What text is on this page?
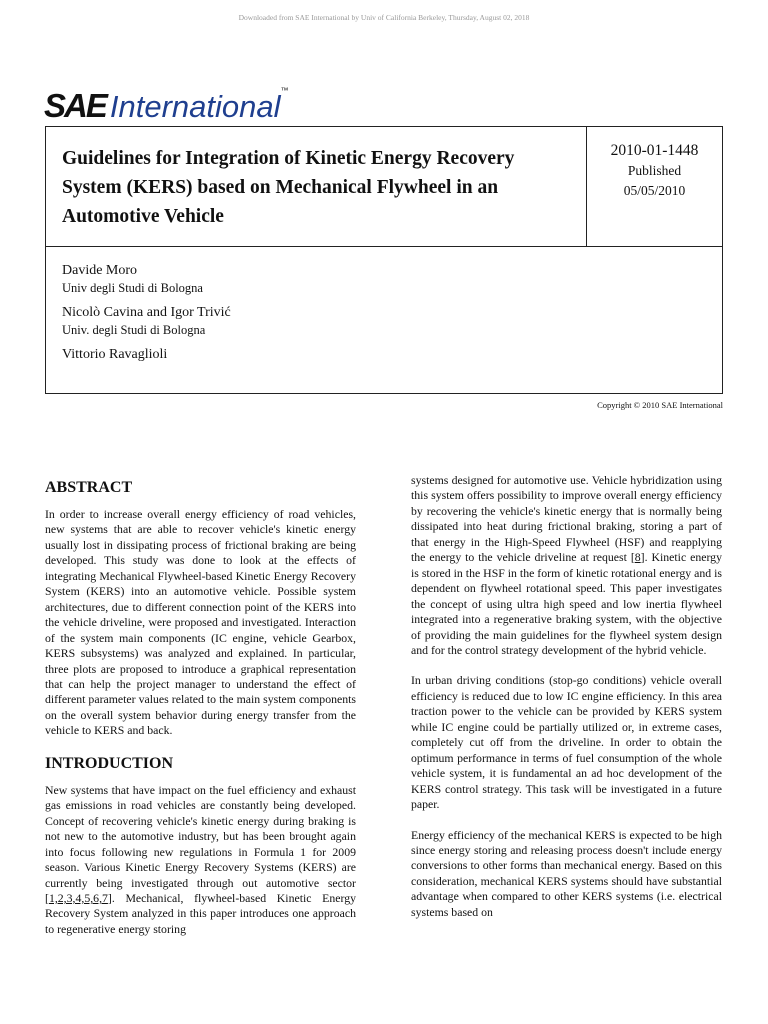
Downloaded from SAE International by Univ of California Berkeley, Thursday, August 02, 2018
SAE International ™
Guidelines for Integration of Kinetic Energy Recovery System (KERS) based on Mechanical Flywheel in an Automotive Vehicle
2010-01-1448
Published
05/05/2010
Davide Moro
Univ degli Studi di Bologna
Nicolò Cavina and Igor Trivić
Univ. degli Studi di Bologna
Vittorio Ravaglioli
Copyright © 2010 SAE International
ABSTRACT

In order to increase overall energy efficiency of road vehicles, new systems that are able to recover vehicle's kinetic energy usually lost in dissipating process of frictional braking are being developed. This study was done to look at the effects of integrating Mechanical Flywheel-based Kinetic Energy Recovery System (KERS) into an automotive vehicle. Possible system architectures, due to different connection point of the KERS into the vehicle driveline, were proposed and investigated. Interaction of the system main components (IC engine, vehicle Gearbox, KERS subsystems) was analyzed and explained. In particular, three plots are proposed to introduce a graphical representation that can help the project manager to understand the effect of different parameter values related to the main system components on the overall system behavior during energy transfer from the vehicle to KERS and back.

INTRODUCTION

New systems that have impact on the fuel efficiency and exhaust gas emissions in road vehicles are constantly being developed. Concept of recovering vehicle's kinetic energy during braking is not new to the automotive industry, but has been brought again into focus following new regulations in Formula 1 for 2009 season. Various Kinetic Energy Recovery Systems (KERS) are currently being investigated through out automotive sector [1,2,3,4,5,6,7]. Mechanical, flywheel-based Kinetic Energy Recovery System analyzed in this paper introduces one approach to regenerative energy storing

systems designed for automotive use. Vehicle hybridization using this system offers possibility to improve overall energy efficiency by recovering the vehicle's kinetic energy that is normally being dissipated into heat during frictional braking, storing a part of that energy in the High-Speed Flywheel (HSF) and reapplying the energy to the vehicle driveline at request [8]. Kinetic energy is stored in the HSF in the form of kinetic rotational energy and is dependent on flywheel rotational speed. This paper investigates the concept of using ultra high speed and low inertia flywheel integrated into a regenerative braking system, with the objective of providing the main guidelines for the flywheel system design and for the control strategy development of the hybrid vehicle.

In urban driving conditions (stop-go conditions) vehicle overall efficiency is reduced due to low IC engine efficiency. In this area traction power to the vehicle can be provided by KERS system while IC engine could be partially utilized or, in extreme cases, completely cut off from the driveline. In order to obtain the optimum performance in terms of fuel consumption of the whole vehicle system, it is fundamental an ad hoc development of the KERS control strategy. This task will be investigated in a future paper.

Energy efficiency of the mechanical KERS is expected to be high since energy storing and releasing process doesn't include energy conversions to other forms than mechanical energy. Based on this consideration, mechanical KERS systems should have substantial advantage when compared to other KERS systems (i.e. electrical systems based on
